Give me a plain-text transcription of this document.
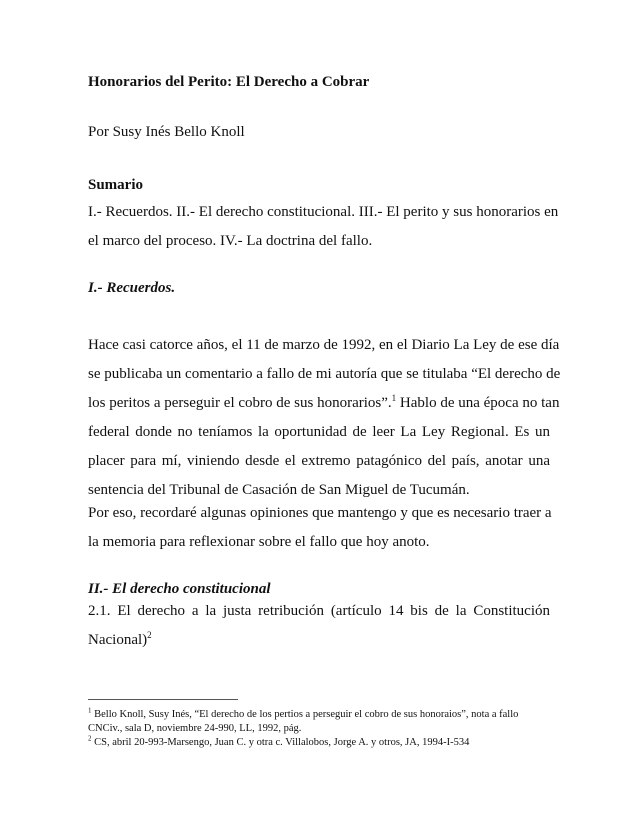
Honorarios del Perito: El Derecho a Cobrar

Por Susy Inés Bello Knoll

Sumario

I.- Recuerdos. II.- El derecho constitucional. III.- El perito y sus honorarios en
el marco del proceso. IV.- La doctrina del fallo.

I.- Recuerdos.

Hace casi catorce años, el 11 de marzo de 1992, en el Diario La Ley de ese día
se publicaba un comentario a fallo de mi autoría que se titulaba “El derecho de
los peritos a perseguir el cobro de sus honorarios”.$^1$ Hablo de una época no tan
federal donde no teníamos la oportunidad de leer La Ley Regional. Es un
placer para mí, viniendo desde el extremo patagónico del país, anotar una
sentencia del Tribunal de Casación de San Miguel de Tucumán.
Por eso, recordaré algunas opiniones que mantengo y que es necesario traer a
la memoria para reflexionar sobre el fallo que hoy anoto.

II.- El derecho constitucional

2.1. El derecho a la justa retribución (artículo 14 bis de la Constitución
Nacional)$^2$
$^1$ Bello Knoll, Susy Inés, “El derecho de los pertios a perseguir el cobro de sus honoraios”, nota a fallo
CNCiv., sala D, noviembre 24-990, LL, 1992, pág.
$^2$ CS, abril 20-993-Marsengo, Juan C. y otra c. Villalobos, Jorge A. y otros, JA, 1994-I-534
